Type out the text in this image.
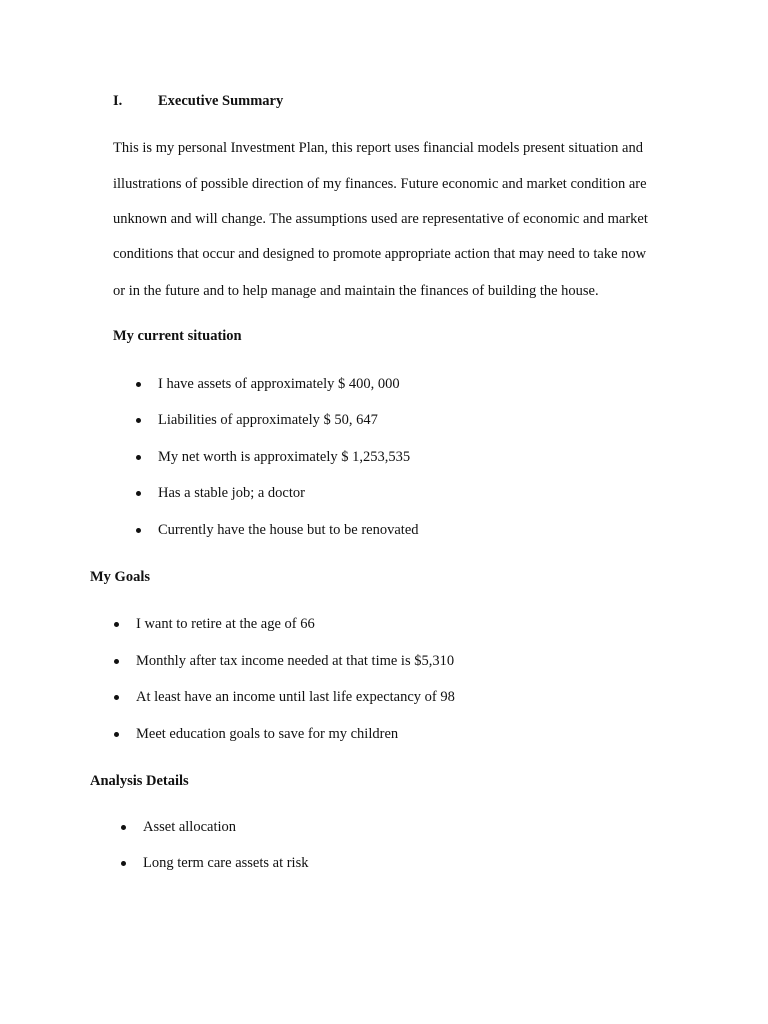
I. Executive Summary
This is my personal Investment Plan, this report uses financial models present situation and
illustrations of possible direction of my finances. Future economic and market condition are
unknown and will change. The assumptions used are representative of economic and market
conditions that occur and designed to promote appropriate action that may need to take now
or in the future and to help manage and maintain the finances of building the house.
My current situation
I have assets of approximately $ 400, 000
Liabilities of approximately $ 50, 647
My net worth is approximately $ 1,253,535
Has a stable job; a doctor
Currently have the house but to be renovated
My Goals
I want to retire at the age of 66
Monthly after tax income needed at that time is $5,310
At least have an income until last life expectancy of 98
Meet education goals to save for my children
Analysis Details
Asset allocation
Long term care assets at risk
